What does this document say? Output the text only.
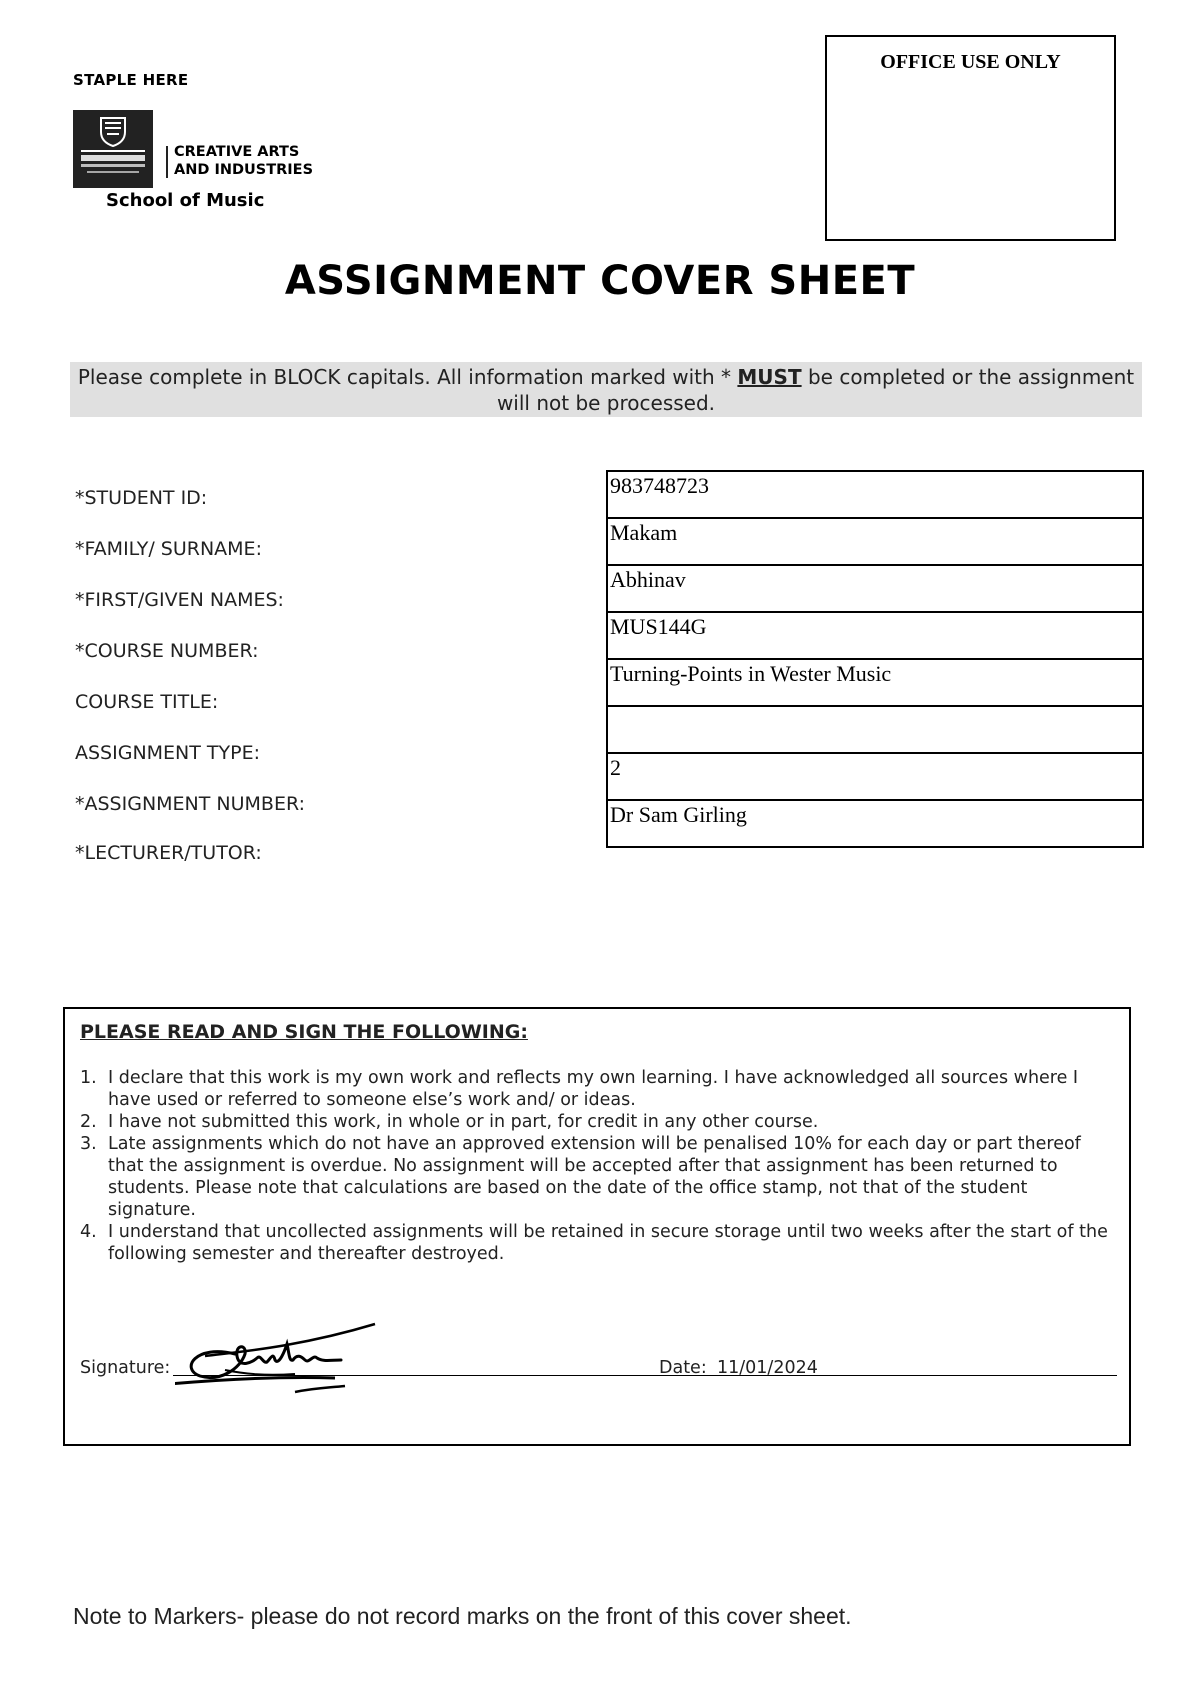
STAPLE HERE
CREATIVE ARTS
AND INDUSTRIES
School of Music
OFFICE USE ONLY
ASSIGNMENT COVER SHEET
Please complete in BLOCK capitals. All information marked with * MUST be completed or the assignment will not be processed.
*STUDENT ID:
*FAMILY/ SURNAME:
*FIRST/GIVEN NAMES:
*COURSE NUMBER:
COURSE TITLE:
ASSIGNMENT TYPE:
*ASSIGNMENT NUMBER:
*LECTURER/TUTOR:
983748723
Makam
Abhinav
MUS144G
Turning-Points in Wester Music
2
Dr Sam Girling
PLEASE READ AND SIGN THE FOLLOWING:
1. I declare that this work is my own work and reflects my own learning. I have acknowledged all sources where I have used or referred to someone else’s work and/ or ideas.
2. I have not submitted this work, in whole or in part, for credit in any other course.
3. Late assignments which do not have an approved extension will be penalised 10% for each day or part thereof that the assignment is overdue. No assignment will be accepted after that assignment has been returned to students. Please note that calculations are based on the date of the office stamp, not that of the student signature.
4. I understand that uncollected assignments will be retained in secure storage until two weeks after the start of the following semester and thereafter destroyed.
Signature:	Date: 11/01/2024
Note to Markers- please do not record marks on the front of this cover sheet.
